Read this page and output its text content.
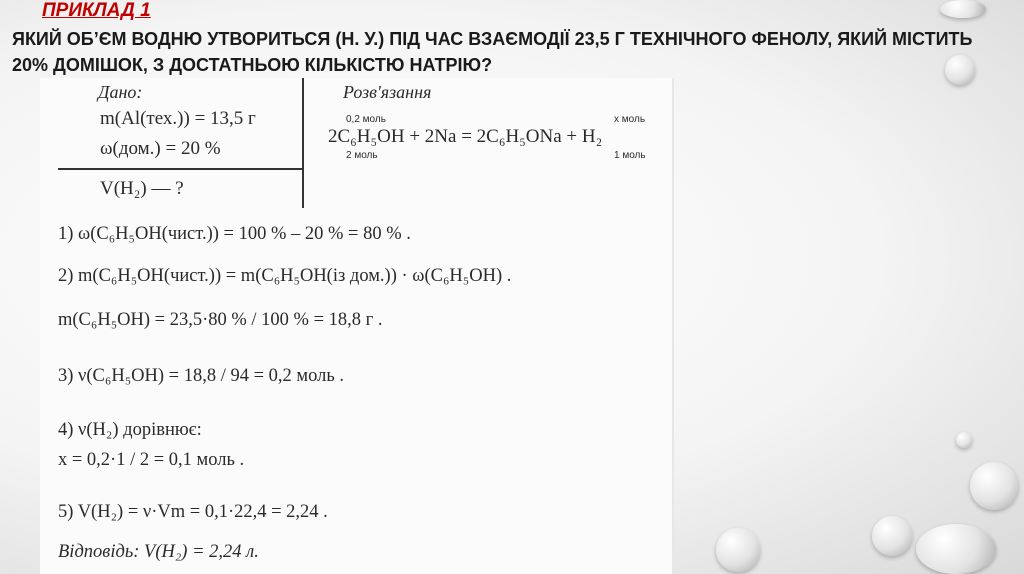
ПРИКЛАД 1
ЯКИЙ ОБ’ЄМ ВОДНЮ УТВОРИТЬСЯ (Н. У.) ПІД ЧАС ВЗАЄМОДІЇ 23,5 Г ТЕХНІЧНОГО ФЕНОЛУ, ЯКИЙ МІСТИТЬ 20% ДОМІШОК, З ДОСТАТНЬОЮ КІЛЬКІСТЮ НАТРІЮ?
Дано:	Розв'язання
m(Al(тех.)) = 13,5 г
ω(дом.) = 20 %
V(H₂) — ?
0,2 моль
2 моль
x моль
1 моль
2C₆H₅OH + 2Na = 2C₆H₅ONa + H₂
1) ω(C₆H₅OH(чист.)) = 100 % – 20 % = 80 % .
2) m(C₆H₅OH(чист.)) = m(C₆H₅OH(із дом.)) · ω(C₆H₅OH) .
m(C₆H₅OH) = 23,5·80 % / 100 % = 18,8 г .
3) ν(C₆H₅OH) = 18,8 / 94 = 0,2 моль .
4) ν(H₂) дорівнює:
x = 0,2·1 / 2 = 0,1 моль .
5) V(H₂) = ν·Vm = 0,1·22,4 = 2,24 .
Відповідь: V(H₂) = 2,24 л.
